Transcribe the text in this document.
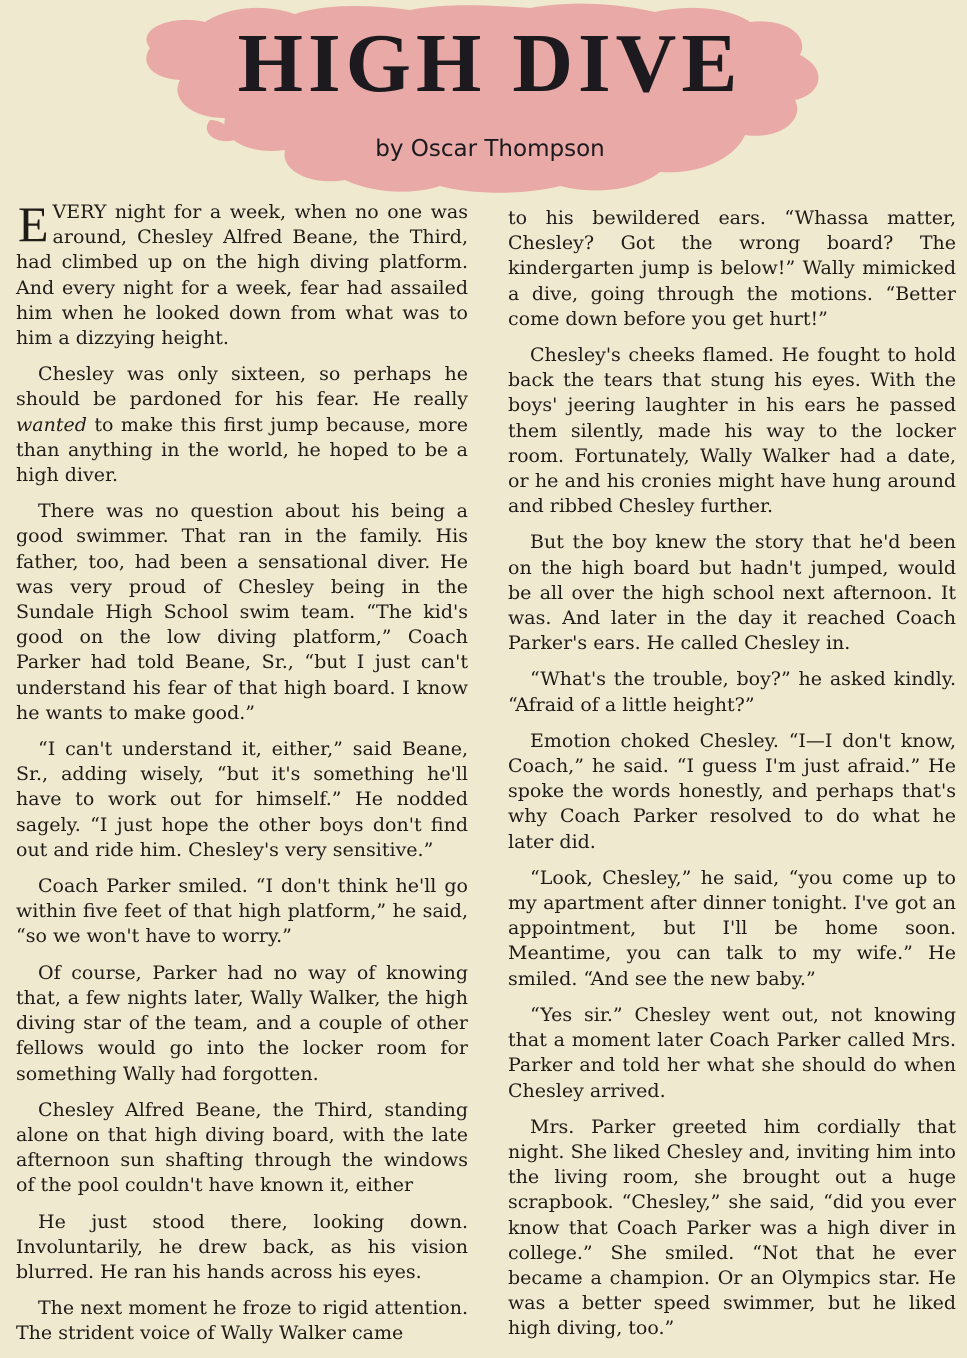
HIGH DIVE
by Oscar Thompson

EVERY night for a week, when no one was around, Chesley Alfred Beane, the Third, had climbed up on the high diving platform. And every night for a week, fear had assailed him when he looked down from what was to him a dizzying height.

Chesley was only sixteen, so perhaps he should be pardoned for his fear. He really wanted to make this first jump because, more than anything in the world, he hoped to be a high diver.

There was no question about his being a good swimmer. That ran in the family. His father, too, had been a sensational diver. He was very proud of Chesley being in the Sundale High School swim team. “The kid's good on the low diving platform,” Coach Parker had told Beane, Sr., “but I just can't understand his fear of that high board. I know he wants to make good.”

“I can't understand it, either,” said Beane, Sr., adding wisely, “but it's something he'll have to work out for himself.” He nodded sagely. “I just hope the other boys don't find out and ride him. Chesley's very sensitive.”

Coach Parker smiled. “I don't think he'll go within five feet of that high platform,” he said, “so we won't have to worry.”

Of course, Parker had no way of knowing that, a few nights later, Wally Walker, the high diving star of the team, and a couple of other fellows would go into the locker room for something Wally had forgotten.

Chesley Alfred Beane, the Third, standing alone on that high diving board, with the late afternoon sun shafting through the windows of the pool couldn't have known it, either

He just stood there, looking down. Involuntarily, he drew back, as his vision blurred. He ran his hands across his eyes.

The next moment he froze to rigid attention. The strident voice of Wally Walker came

to his bewildered ears. “Whassa matter, Chesley? Got the wrong board? The kindergarten jump is below!” Wally mimicked a dive, going through the motions. “Better come down before you get hurt!”

Chesley's cheeks flamed. He fought to hold back the tears that stung his eyes. With the boys' jeering laughter in his ears he passed them silently, made his way to the locker room. Fortunately, Wally Walker had a date, or he and his cronies might have hung around and ribbed Chesley further.

But the boy knew the story that he'd been on the high board but hadn't jumped, would be all over the high school next afternoon. It was. And later in the day it reached Coach Parker's ears. He called Chesley in.

“What's the trouble, boy?” he asked kindly. “Afraid of a little height?”

Emotion choked Chesley. “I—I don't know, Coach,” he said. “I guess I'm just afraid.” He spoke the words honestly, and perhaps that's why Coach Parker resolved to do what he later did.

“Look, Chesley,” he said, “you come up to my apartment after dinner tonight. I've got an appointment, but I'll be home soon. Meantime, you can talk to my wife.” He smiled. “And see the new baby.”

“Yes sir.” Chesley went out, not knowing that a moment later Coach Parker called Mrs. Parker and told her what she should do when Chesley arrived.

Mrs. Parker greeted him cordially that night. She liked Chesley and, inviting him into the living room, she brought out a huge scrapbook. “Chesley,” she said, “did you ever know that Coach Parker was a high diver in college.” She smiled. “Not that he ever became a champion. Or an Olympics star. He was a better speed swimmer, but he liked high diving, too.”
